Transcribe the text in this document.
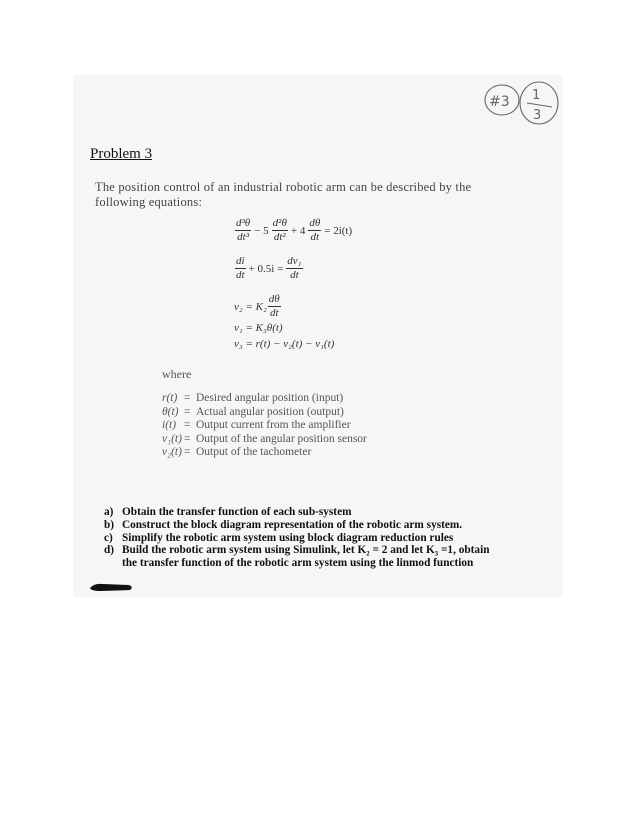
#3 1
3
Problem 3
The position control of an industrial robotic arm can be described by the following equations:
$\frac{\text{d³θ}}{\text{dt³}} - 5 \frac{\text{d²θ}}{\text{dt²}} + 4 \frac{d\theta}{dt} = 2i(t)$
$\frac{di}{dt} + 0.5i = \frac{\text{dv₁}}{dt}$
$v_2 = K_2 \frac{d\theta}{dt}$
v₁ = K₃θ(t)
v₃ = r(t) − v₂(t) − v₁(t)
where
r(t) = Desired angular position (input)
θ(t) = Actual angular position (output)
i(t) = Output current from the amplifier
v₁(t) = Output of the angular position sensor
v₂(t) = Output of the tachometer
a) Obtain the transfer function of each sub-system
b) Construct the block diagram representation of the robotic arm system.
c) Simplify the robotic arm system using block diagram reduction rules
d) Build the robotic arm system using Simulink, let K₂ = 2 and let K₃ =1, obtain the transfer function of the robotic arm system using the linmod function
